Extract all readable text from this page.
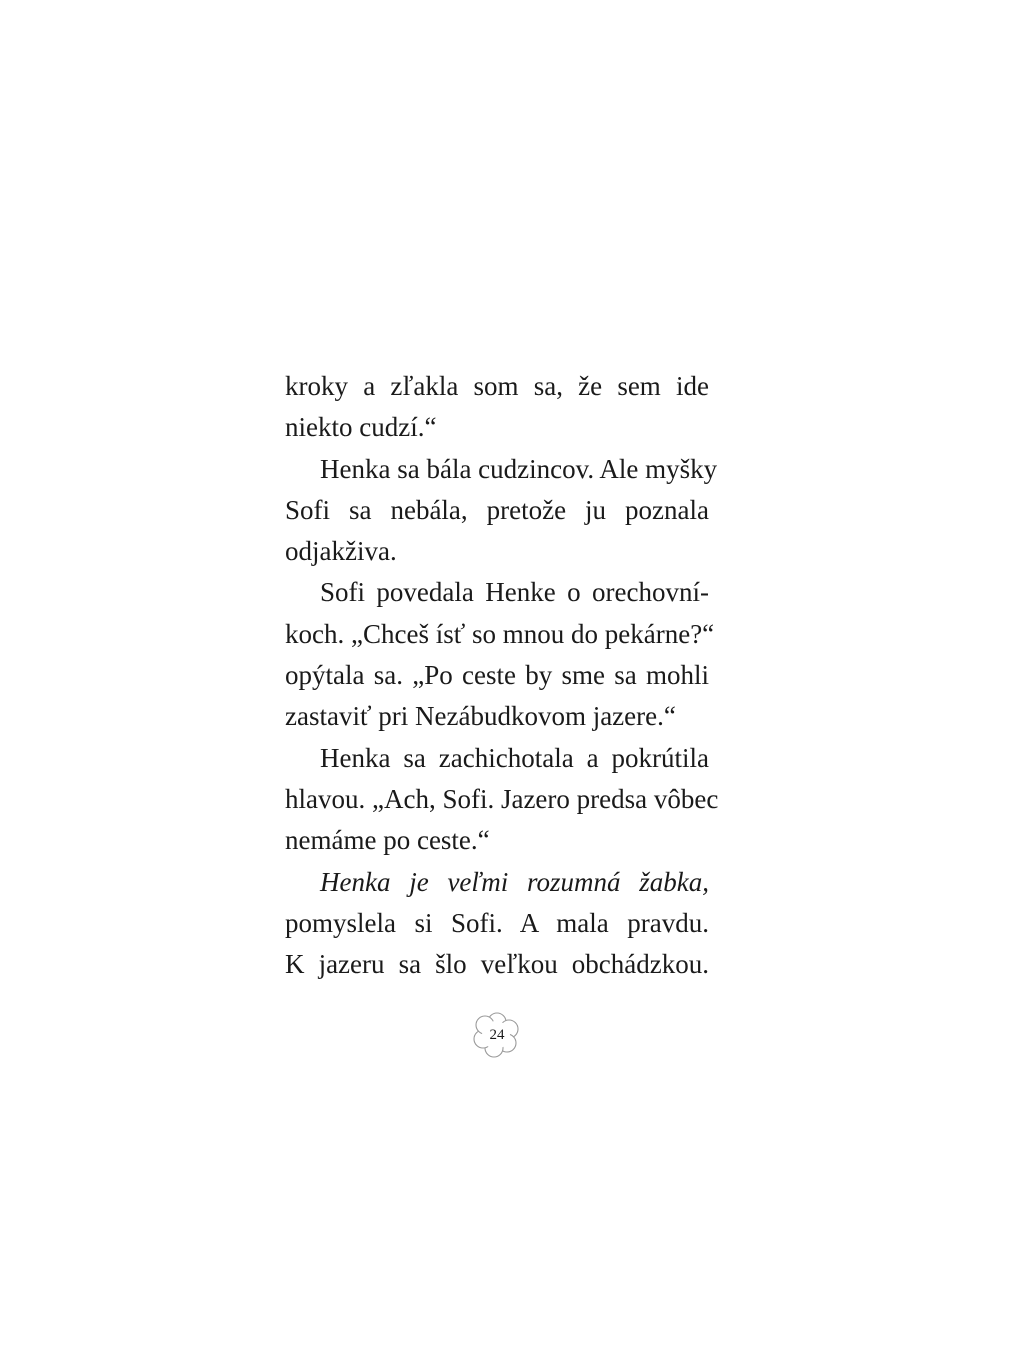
kroky a zľakla som sa, že sem ide
niekto cudzí.“
Henka sa bála cudzincov. Ale myšky
Sofi sa nebála, pretože ju poznala
odjakživa.
Sofi povedala Henke o orechovní-
koch. „Chceš ísť so mnou do pekárne?“
opýtala sa. „Po ceste by sme sa mohli
zastaviť pri Nezábudkovom jazere.“
Henka sa zachichotala a pokrútila
hlavou. „Ach, Sofi. Jazero predsa vôbec
nemáme po ceste.“
Henka je veľmi rozumná žabka,
pomyslela si Sofi. A mala pravdu.
K jazeru sa šlo veľkou obchádzkou.
24
